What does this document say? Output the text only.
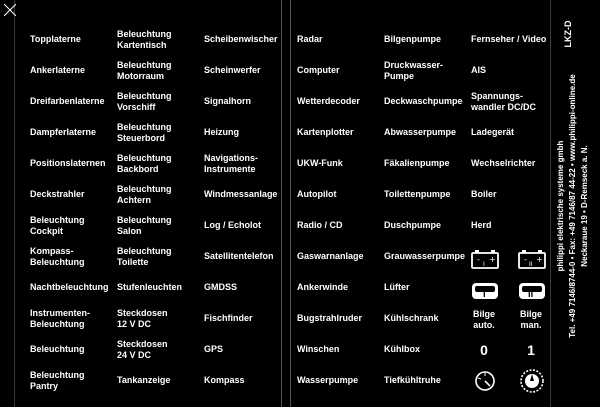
Topplaterne
Ankerlaterne
Dreifarbenlaterne
Dampferlaterne
Positionslaternen
Deckstrahler
Beleuchtung
Cockpit
Kompass-
Beleuchtung
Nachtbeleuchtung
Instrumenten-
Beleuchtung
Beleuchtung
Beleuchtung
Pantry
Beleuchtung
Kartentisch
Beleuchtung
Motorraum
Beleuchtung
Vorschiff
Beleuchtung
Steuerbord
Beleuchtung
Backbord
Beleuchtung
Achtern
Beleuchtung
Salon
Beleuchtung
Toilette
Stufenleuchten
Steckdosen
12 V DC
Steckdosen
24 V DC
Tankanzeige
Scheibenwischer
Scheinwerfer
Signalhorn
Heizung
Navigations-
Instrumente
Windmessanlage
Log / Echolot
Satellitentelefon
GMDSS
Fischfinder
GPS
Kompass
Radar
Computer
Wetterdecoder
Kartenplotter
UKW-Funk
Autopilot
Radio / CD
Gaswarnanlage
Ankerwinde
Bugstrahlruder
Winschen
Wasserpumpe
Bilgenpumpe
Druckwasser-
Pumpe
Deckwaschpumpe
Abwasserpumpe
Fäkalienpumpe
Toilettenpumpe
Duschpumpe
Grauwasserpumpe
Lüfter
Kühlschrank
Kühlbox
Tiefkühltruhe
Fernseher / Video
AIS
Spannungs-
wandler DC/DC
Ladegerät
Wechselrichter
Boiler
Herd
Bilge
auto.
Bilge
man.
0	1
- +
I
- +
II
I	II
philippi elektrische systeme gmbh Tel. +49 7146/8744-0 • Fax: +49 7146/87 44-22 • www.philippi-online.de Neckaraue 19 • D-Remseck a. N.
LKZ-D
